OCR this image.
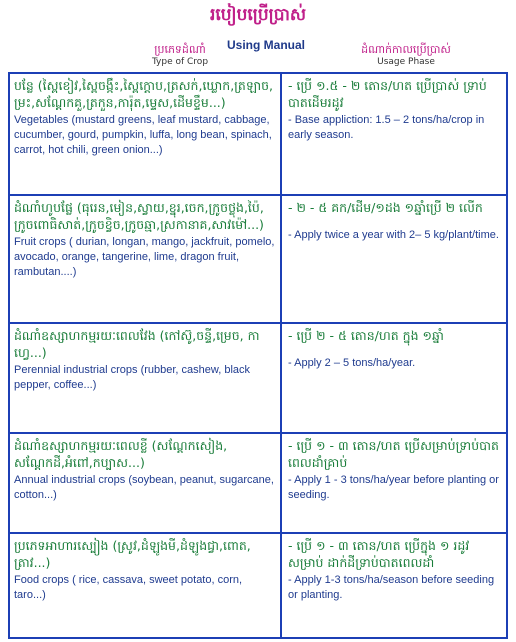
របៀបប្រើប្រាស់
ប្រភេទដំណាំ
Type of Crop
Using Manual	ដំណាក់កាលប្រើប្រាស់
Usage Phase
បន្លែ (ស្ពៃខៀវ,ស្ពៃចង្កឹះ,ស្ពៃក្តោប,ត្រសក់,ឃ្លោក,ត្រឡាច, ម្រះ,សណ្តែកគួ,ត្រកួន,ការ៉ុត,ម្ទេស,ដើមខ្ទឹម...)
Vegetables (mustard greens, leaf mustard, cabbage, cucumber, gourd, pumpkin, luffa, long bean, spinach, carrot, hot chili, green onion...)
- ប្រើ ១.៥ - ២ តោន/ហត ប្រើប្រាស់ ទ្រាប់បាតដើមរដូវ
- Base appliction: 1.5 – 2 tons/ha/crop in early season.
ដំណាំហូបផ្លែ (ធុរេន,មៀន,ស្វាយ,ខ្នុរ,ចេក,ក្រូចថ្លុង,ប៉ៃ, ក្រូចពោធិសាត់,ក្រូចខ្វិច,ក្រូចឆ្មា,ស្រកានាគ,សាវម៉ៅ...)
Fruit crops ( durian, longan, mango, jackfruit, pomelo, avocado, orange, tangerine, lime, dragon fruit, rambutan....)
- ២ - ៥ គក/ដើម/១ដង ១ឆ្នាំប្រើ ២ លើក
- Apply twice a year with 2– 5 kg/plant/time.
ដំណាំឧស្សាហកម្មរយៈពេលវែង (កៅស៊ូ,ចន្ទី,ម្រេច, កាហ្វេ...)
Perennial industrial crops (rubber, cashew, black pepper, coffee...)
- ប្រើ ២ - ៥ តោន/ហត ក្នុង ១ឆ្នាំ
- Apply 2 – 5 tons/ha/year.
ដំណាំឧស្សាហកម្មរយៈពេលខ្លី (សណ្តែកសៀង, សណ្តែកដី,អំពៅ,កប្បាស...)
Annual industrial crops (soybean, peanut, sugarcane, cotton...)
- ប្រើ ១ - ៣ តោន/ហត ប្រើសម្រាប់ទ្រាប់បាតពេលដាំគ្រាប់
- Apply 1 - 3 tons/ha/year before planting or seeding.
ប្រភេទអាហារស្បៀង (ស្រូវ,ដំឡូងមី,ដំឡូងជ្វា,ពោត, ត្រាវ...)
Food crops ( rice, cassava, sweet potato, corn, taro...)
- ប្រើ ១ - ៣ តោន/ហត ប្រើក្នុង ១ រដូវ សម្រាប់ ដាក់ដីទ្រាប់បាតពេលដាំ
- Apply 1-3 tons/ha/season before seeding or planting.
